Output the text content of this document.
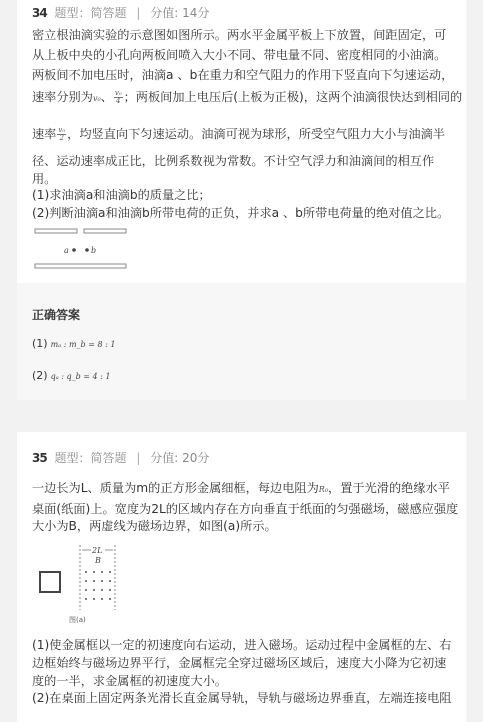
34 题型：简答题 | 分值: 14分
密立根油滴实验的示意图如图所示。两水平金属平板上下放置，间距固定，可
从上板中央的小孔向两板间喷入大小不同、带电量不同、密度相同的小油滴。
两板间不加电压时，油滴a 、b在重力和空气阻力的作用下竖直向下匀速运动，
速率分别为v₀、 $\frac{\text{v₀}}{4}$ ；两板间加上电压后(上板为正极)，这两个油滴很快达到相同的
速率 $\frac{\text{v₀}}{2}$ ，均竖直向下匀速运动。油滴可视为球形，所受空气阻力大小与油滴半
径、运动速率成正比，比例系数视为常数。不计空气浮力和油滴间的相互作
用。
(1)求油滴a和油滴b的质量之比；
(2)判断油滴a和油滴b所带电荷的正负，并求a 、b所带电荷量的绝对值之比。
a	b
正确答案
(1) mₐ : m_b = 8 : 1
(2) qₐ : q_b = 4 : 1
35 题型：简答题 | 分值: 20分
一边长为L、质量为m的正方形金属细框，每边电阻为R₀，置于光滑的绝缘水平
桌面(纸面)上。宽度为2L的区域内存在方向垂直于纸面的匀强磁场，磁感应强度
大小为B，两虚线为磁场边界，如图(a)所示。
2L
B
图(a)
(1)使金属框以一定的初速度向右运动，进入磁场。运动过程中金属框的左、右
边框始终与磁场边界平行，金属框完全穿过磁场区域后，速度大小降为它初速
度的一半，求金属框的初速度大小。
(2)在桌面上固定两条光滑长直金属导轨，导轨与磁场边界垂直，左端连接电阻
